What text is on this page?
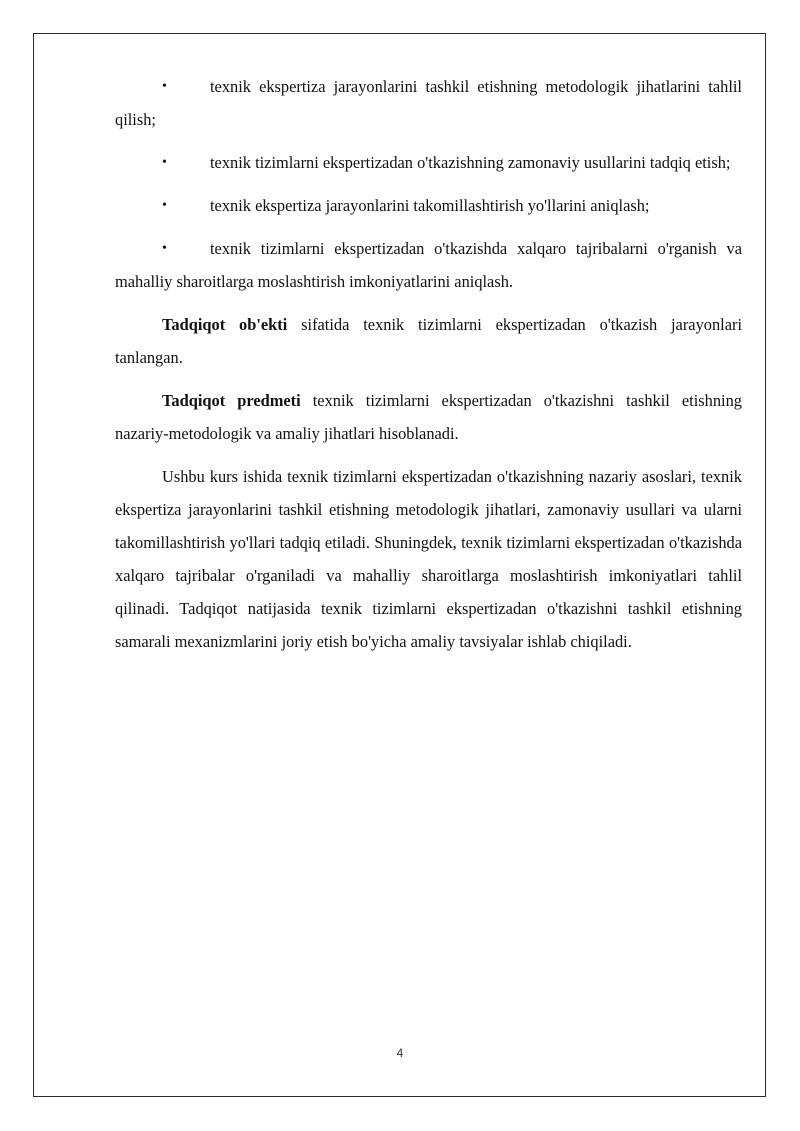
•	texnik ekspertiza jarayonlarini tashkil etishning metodologik jihatlarini tahlil qilish;
•	texnik tizimlarni ekspertizadan o'tkazishning zamonaviy usullarini tadqiq etish;
•	texnik ekspertiza jarayonlarini takomillashtirish yo'llarini aniqlash;
•	texnik tizimlarni ekspertizadan o'tkazishda xalqaro tajribalarni o'rganish va mahalliy sharoitlarga moslashtirish imkoniyatlarini aniqlash.

Tadqiqot ob'ekti sifatida texnik tizimlarni ekspertizadan o'tkazish jarayonlari tanlangan.

Tadqiqot predmeti texnik tizimlarni ekspertizadan o'tkazishni tashkil etishning nazariy-metodologik va amaliy jihatlari hisoblanadi.

Ushbu kurs ishida texnik tizimlarni ekspertizadan o'tkazishning nazariy asoslari, texnik ekspertiza jarayonlarini tashkil etishning metodologik jihatlari, zamonaviy usullari va ularni takomillashtirish yo'llari tadqiq etiladi. Shuningdek, texnik tizimlarni ekspertizadan o'tkazishda xalqaro tajribalar o'rganiladi va mahalliy sharoitlarga moslashtirish imkoniyatlari tahlil qilinadi. Tadqiqot natijasida texnik tizimlarni ekspertizadan o'tkazishni tashkil etishning samarali mexanizmlarini joriy etish bo'yicha amaliy tavsiyalar ishlab chiqiladi.

4
